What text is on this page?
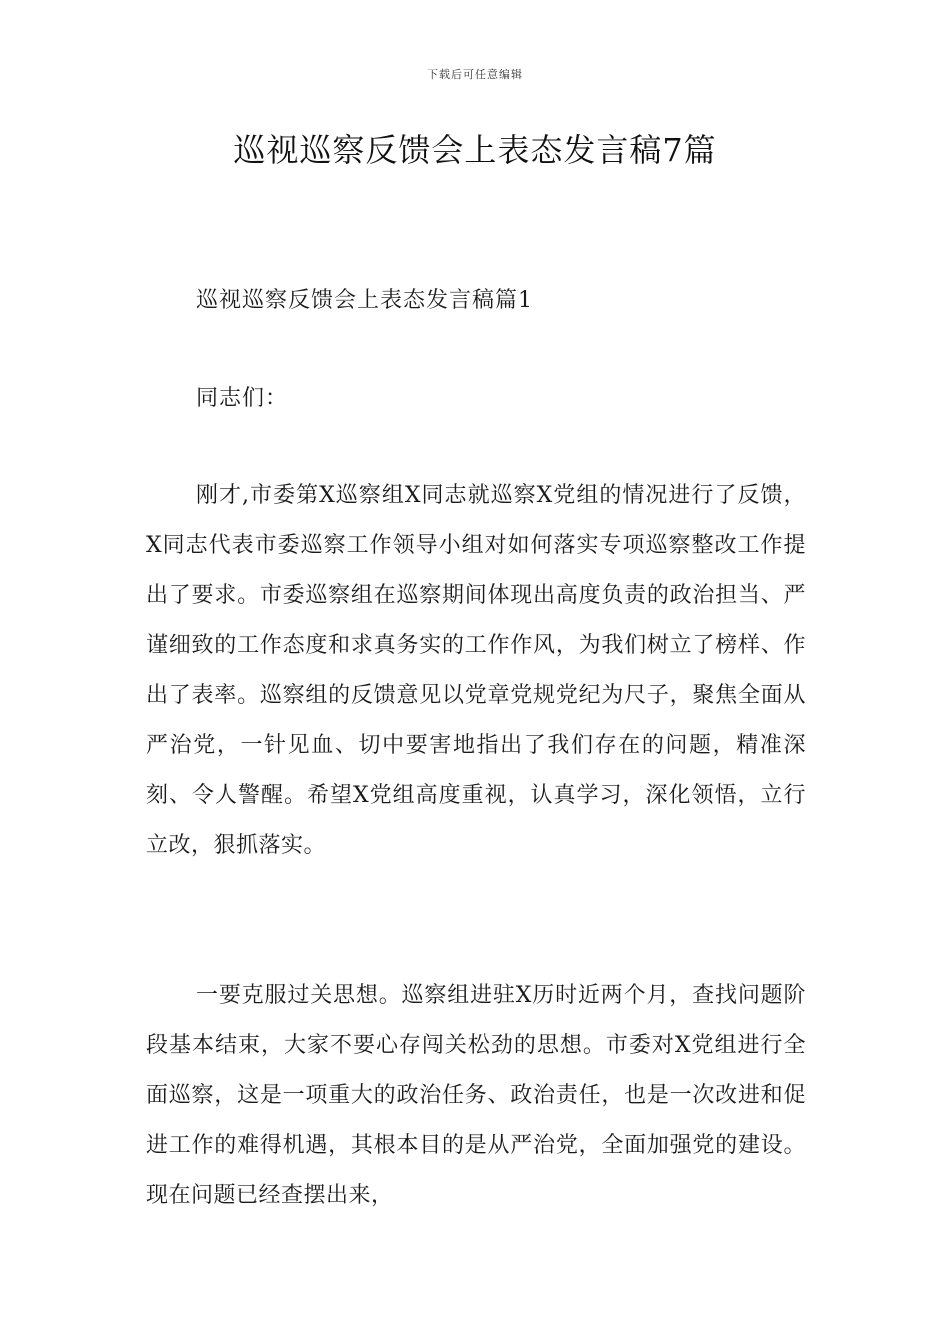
下载后可任意编辑
巡视巡察反馈会上表态发言稿7篇
巡视巡察反馈会上表态发言稿篇1
同志们：

刚才,市委第X巡察组X同志就巡察X党组的情况进行了反馈，X同志代表市委巡察工作领导小组对如何落实专项巡察整改工作提出了要求。市委巡察组在巡察期间体现出高度负责的政治担当、严谨细致的工作态度和求真务实的工作作风，为我们树立了榜样、作出了表率。巡察组的反馈意见以党章党规党纪为尺子，聚焦全面从严治党，一针见血、切中要害地指出了我们存在的问题，精准深刻、令人警醒。希望X党组高度重视，认真学习，深化领悟，立行立改，狠抓落实。

一要克服过关思想。巡察组进驻X历时近两个月，查找问题阶段基本结束，大家不要心存闯关松劲的思想。市委对X党组进行全面巡察，这是一项重大的政治任务、政治责任，也是一次改进和促进工作的难得机遇，其根本目的是从严治党，全面加强党的建设。现在问题已经查摆出来，
